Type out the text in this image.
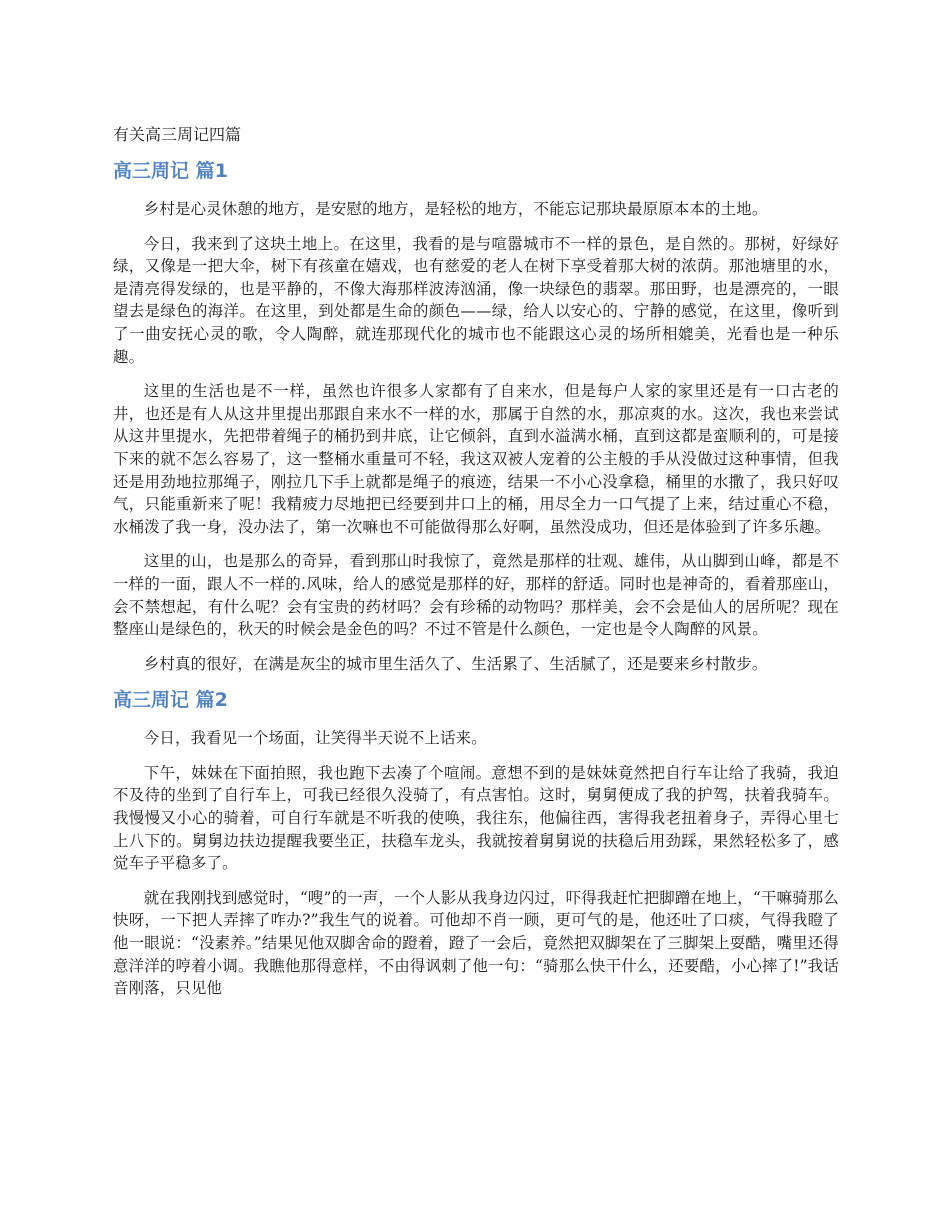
有关高三周记四篇
高三周记 篇1

乡村是心灵休憩的地方，是安慰的地方，是轻松的地方，不能忘记那块最原原本本的土地。

今日，我来到了这块土地上。在这里，我看的是与喧嚣城市不一样的景色，是自然的。那树，好绿好绿，又像是一把大伞，树下有孩童在嬉戏，也有慈爱的老人在树下享受着那大树的浓荫。那池塘里的水，是清亮得发绿的，也是平静的，不像大海那样波涛汹涌，像一块绿色的翡翠。那田野，也是漂亮的，一眼望去是绿色的海洋。在这里，到处都是生命的颜色——绿，给人以安心的、宁静的感觉，在这里，像听到了一曲安抚心灵的歌，令人陶醉，就连那现代化的城市也不能跟这心灵的场所相媲美，光看也是一种乐趣。

这里的生活也是不一样，虽然也许很多人家都有了自来水，但是每户人家的家里还是有一口古老的井，也还是有人从这井里提出那跟自来水不一样的水，那属于自然的水，那凉爽的水。这次，我也来尝试从这井里提水，先把带着绳子的桶扔到井底，让它倾斜，直到水溢满水桶，直到这都是蛮顺利的，可是接下来的就不怎么容易了，这一整桶水重量可不轻，我这双被人宠着的公主般的手从没做过这种事情，但我还是用劲地拉那绳子，刚拉几下手上就都是绳子的痕迹，结果一不小心没拿稳，桶里的水撒了，我只好叹气，只能重新来了呢！我精疲力尽地把已经要到井口上的桶，用尽全力一口气提了上来，结过重心不稳，水桶泼了我一身，没办法了，第一次嘛也不可能做得那么好啊，虽然没成功，但还是体验到了许多乐趣。

这里的山，也是那么的奇异，看到那山时我惊了，竟然是那样的壮观、雄伟，从山脚到山峰，都是不一样的一面，跟人不一样的.风味，给人的感觉是那样的好，那样的舒适。同时也是神奇的，看着那座山，会不禁想起，有什么呢？会有宝贵的药材吗？会有珍稀的动物吗？那样美，会不会是仙人的居所呢？现在整座山是绿色的，秋天的时候会是金色的吗？不过不管是什么颜色，一定也是令人陶醉的风景。

乡村真的很好，在满是灰尘的城市里生活久了、生活累了、生活腻了，还是要来乡村散步。

高三周记 篇2

今日，我看见一个场面，让笑得半天说不上话来。

下午，妹妹在下面拍照，我也跑下去凑了个喧闹。意想不到的是妹妹竟然把自行车让给了我骑，我迫不及待的坐到了自行车上，可我已经很久没骑了，有点害怕。这时，舅舅便成了我的护驾，扶着我骑车。我慢慢又小心的骑着，可自行车就是不听我的使唤，我往东，他偏往西，害得我老扭着身子，弄得心里七上八下的。舅舅边扶边提醒我要坐正，扶稳车龙头，我就按着舅舅说的扶稳后用劲踩，果然轻松多了，感觉车子平稳多了。

就在我刚找到感觉时，“嗖”的一声，一个人影从我身边闪过，吓得我赶忙把脚蹭在地上，“干嘛骑那么快呀，一下把人弄摔了咋办?”我生气的说着。可他却不肖一顾，更可气的是，他还吐了口痰，气得我瞪了他一眼说：“没素养。”结果见他双脚舍命的蹬着，蹬了一会后，竟然把双脚架在了三脚架上耍酷，嘴里还得意洋洋的哼着小调。我瞧他那得意样，不由得讽刺了他一句：“骑那么快干什么，还要酷，小心摔了!”我话音刚落，只见他
